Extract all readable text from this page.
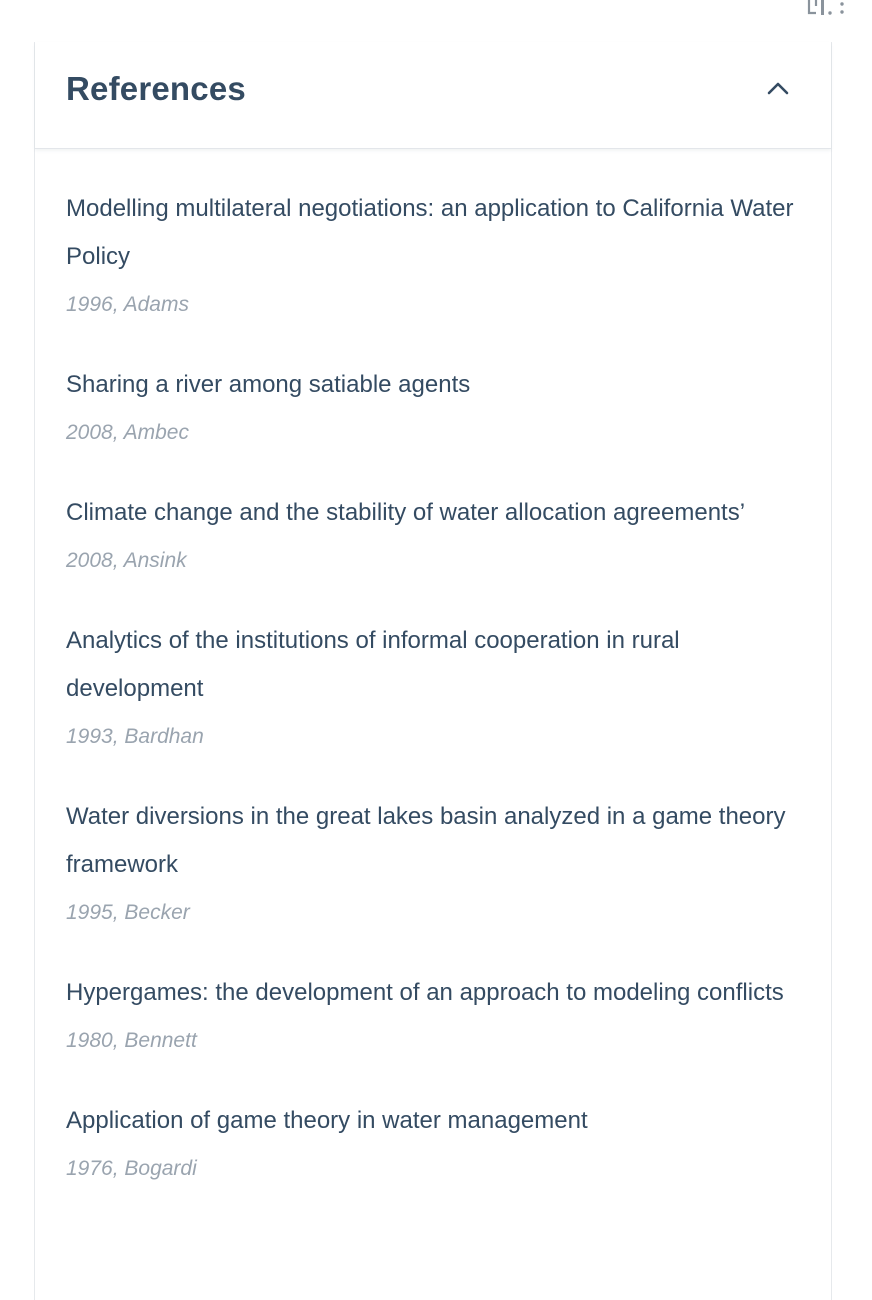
References
Modelling multilateral negotiations: an application to California Water Policy
1996, Adams
Sharing a river among satiable agents
2008, Ambec
Climate change and the stability of water allocation agreements’
2008, Ansink
Analytics of the institutions of informal cooperation in rural development
1993, Bardhan
Water diversions in the great lakes basin analyzed in a game theory framework
1995, Becker
Hypergames: the development of an approach to modeling conflicts
1980, Bennett
Application of game theory in water management
1976, Bogardi
